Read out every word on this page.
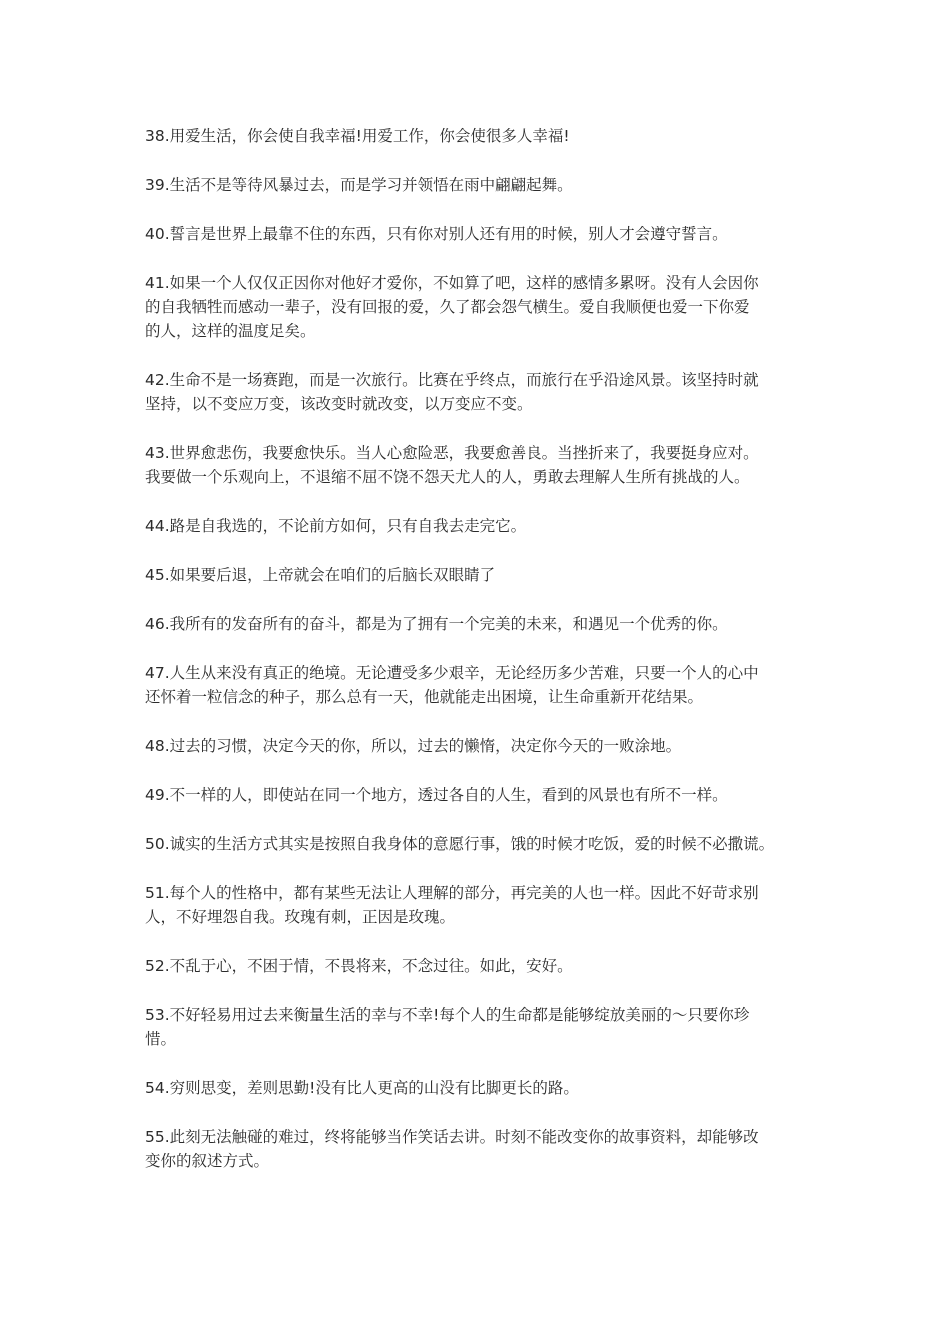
38.用爱生活，你会使自我幸福!用爱工作，你会使很多人幸福!

39.生活不是等待风暴过去，而是学习并领悟在雨中翩翩起舞。

40.誓言是世界上最靠不住的东西，只有你对别人还有用的时候，别人才会遵守誓言。

41.如果一个人仅仅正因你对他好才爱你，不如算了吧，这样的感情多累呀。没有人会因你
的自我牺牲而感动一辈子，没有回报的爱，久了都会怨气横生。爱自我顺便也爱一下你爱
的人，这样的温度足矣。

42.生命不是一场赛跑，而是一次旅行。比赛在乎终点，而旅行在乎沿途风景。该坚持时就
坚持，以不变应万变，该改变时就改变，以万变应不变。

43.世界愈悲伤，我要愈快乐。当人心愈险恶，我要愈善良。当挫折来了，我要挺身应对。
我要做一个乐观向上，不退缩不屈不饶不怨天尤人的人，勇敢去理解人生所有挑战的人。

44.路是自我选的，不论前方如何，只有自我去走完它。

45.如果要后退，上帝就会在咱们的后脑长双眼睛了

46.我所有的发奋所有的奋斗，都是为了拥有一个完美的未来，和遇见一个优秀的你。

47.人生从来没有真正的绝境。无论遭受多少艰辛，无论经历多少苦难，只要一个人的心中
还怀着一粒信念的种子，那么总有一天，他就能走出困境，让生命重新开花结果。

48.过去的习惯，决定今天的你，所以，过去的懒惰，决定你今天的一败涂地。

49.不一样的人，即使站在同一个地方，透过各自的人生，看到的风景也有所不一样。

50.诚实的生活方式其实是按照自我身体的意愿行事，饿的时候才吃饭，爱的时候不必撒谎。

51.每个人的性格中，都有某些无法让人理解的部分，再完美的人也一样。因此不好苛求别
人，不好埋怨自我。玫瑰有刺，正因是玫瑰。

52.不乱于心，不困于情，不畏将来，不念过往。如此，安好。

53.不好轻易用过去来衡量生活的幸与不幸!每个人的生命都是能够绽放美丽的～只要你珍
惜。

54.穷则思变，差则思勤!没有比人更高的山没有比脚更长的路。

55.此刻无法触碰的难过，终将能够当作笑话去讲。时刻不能改变你的故事资料，却能够改
变你的叙述方式。
